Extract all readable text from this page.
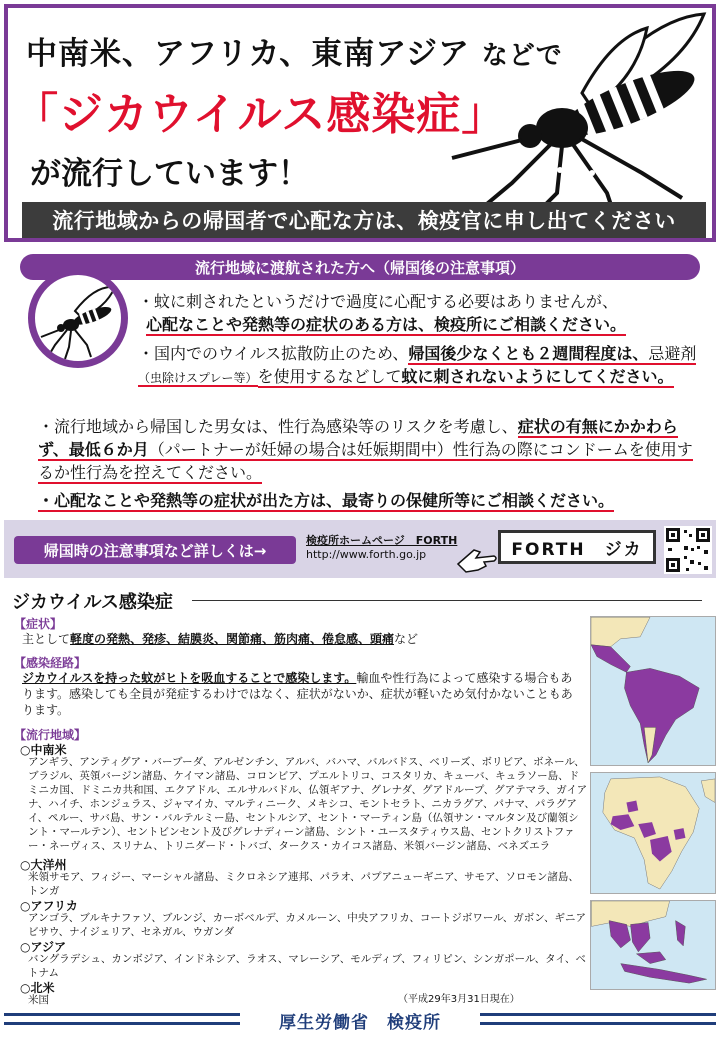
中南米、アフリカ、東南アジア などで
「ジカウイルス感染症」
が流行しています！
流行地域からの帰国者で心配な方は、検疫官に申し出てください
流行地域に渡航された方へ（帰国後の注意事項）
・蚊に刺されたというだけで過度に心配する必要はありませんが、
心配なことや発熱等の症状のある方は、検疫所にご相談ください。
・国内でのウイルス拡散防止のため、帰国後少なくとも２週間程度は、忌避剤（虫除けスプレー等）を使用するなどして蚊に刺されないようにしてください。
・流行地域から帰国した男女は、性行為感染等のリスクを考慮し、症状の有無にかかわらず、最低６か月（パートナーが妊婦の場合は妊娠期間中）性行為の際にコンドームを使用するか性行為を控えてください。
・心配なことや発熱等の症状が出た方は、最寄りの保健所等にご相談ください。
帰国時の注意事項など詳しくは→
検疫所ホームページ　FORTH
http://www.forth.go.jp	FORTH　ジカ
ジカウイルス感染症
【症状】
主として軽度の発熱、発疹、結膜炎、関節痛、筋肉痛、倦怠感、頭痛など
【感染経路】
ジカウイルスを持った蚊がヒトを吸血することで感染します。輸血や性行為によって感染する場合もあります。感染しても全員が発症するわけではなく、症状がないか、症状が軽いため気付かないこともあります。
【流行地域】
○中南米
アンギラ、アンティグア・バーブーダ、アルゼンチン、アルバ、バハマ、バルバドス、ベリーズ、ボリビア、ボネール、ブラジル、英領バージン諸島、ケイマン諸島、コロンビア、プエルトリコ、コスタリカ、キューバ、キュラソー島、ドミニカ国、ドミニカ共和国、エクアドル、エルサルバドル、仏領ギアナ、グレナダ、グアドループ、グアテマラ、ガイアナ、ハイチ、ホンジュラス、ジャマイカ、マルティニーク、メキシコ、モントセラト、ニカラグア、パナマ、パラグアイ、ペルー、サバ島、サン・バルテルミー島、セントルシア、セント・マーティン島（仏領サン・マルタン及び蘭領シント・マールテン）、セントビンセント及びグレナディーン諸島、シント・ユースタティウス島、セントクリストファー・ネーヴィス、スリナム、トリニダード・トバゴ、タークス・カイコス諸島、米領バージン諸島、ベネズエラ
○大洋州
米領サモア、フィジー、マーシャル諸島、ミクロネシア連邦、パラオ、パプアニューギニア、サモア、ソロモン諸島、トンガ
○アフリカ
アンゴラ、ブルキナファソ、ブルンジ、カーボベルデ、カメルーン、中央アフリカ、コートジボワール、ガボン、ギニアビサウ、ナイジェリア、セネガル、ウガンダ
○アジア
バングラデシュ、カンボジア、インドネシア、ラオス、マレーシア、モルディブ、フィリピン、シンガポール、タイ、ベトナム
○北米
米国	（平成29年3月31日現在）
厚生労働省　検疫所
